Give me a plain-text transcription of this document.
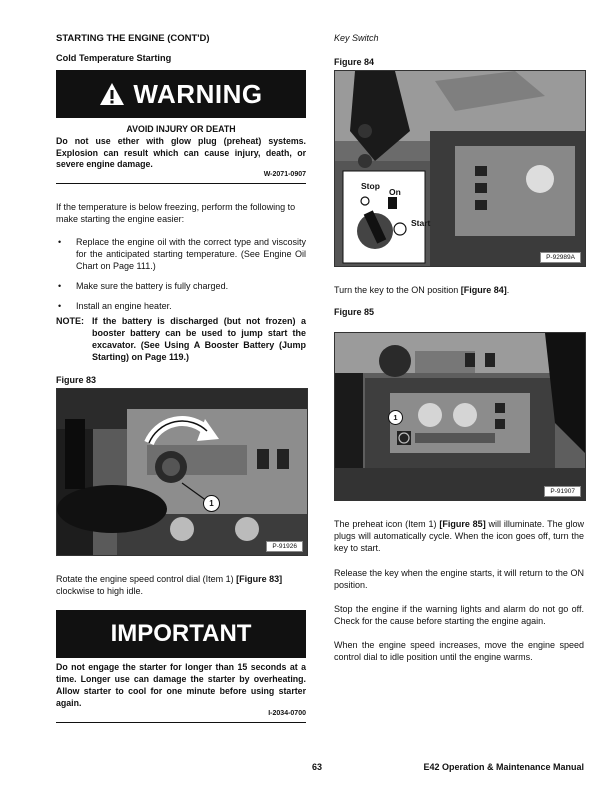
STARTING THE ENGINE (CONT'D)
Cold Temperature Starting
WARNING
AVOID INJURY OR DEATH
Do not use ether with glow plug (preheat) systems. Explosion can result which can cause injury, death, or severe engine damage.
W-2071-0907
If the temperature is below freezing, perform the following to make starting the engine easier:
• Replace the engine oil with the correct type and viscosity for the anticipated starting temperature. (See Engine Oil Chart on Page 111.)
• Make sure the battery is fully charged.
• Install an engine heater.
NOTE: If the battery is discharged (but not frozen) a booster battery can be used to jump start the excavator. (See Using A Booster Battery (Jump Starting) on Page 119.)
Figure 83
1
P-91926
Rotate the engine speed control dial (Item 1) [Figure 83] clockwise to high idle.
IMPORTANT
Do not engage the starter for longer than 15 seconds at a time. Longer use can damage the starter by overheating. Allow starter to cool for one minute before using starter again.
I-2034-0700
Key Switch
Figure 84
Stop
On
Start
P-92989A
Turn the key to the ON position [Figure 84].
Figure 85
1
P-91907
The preheat icon (Item 1) [Figure 85] will illuminate. The glow plugs will automatically cycle. When the icon goes off, turn the key to start.
Release the key when the engine starts, it will return to the ON position.
Stop the engine if the warning lights and alarm do not go off. Check for the cause before starting the engine again.
When the engine speed increases, move the engine speed control dial to idle position until the engine warms.
63	E42 Operation & Maintenance Manual
